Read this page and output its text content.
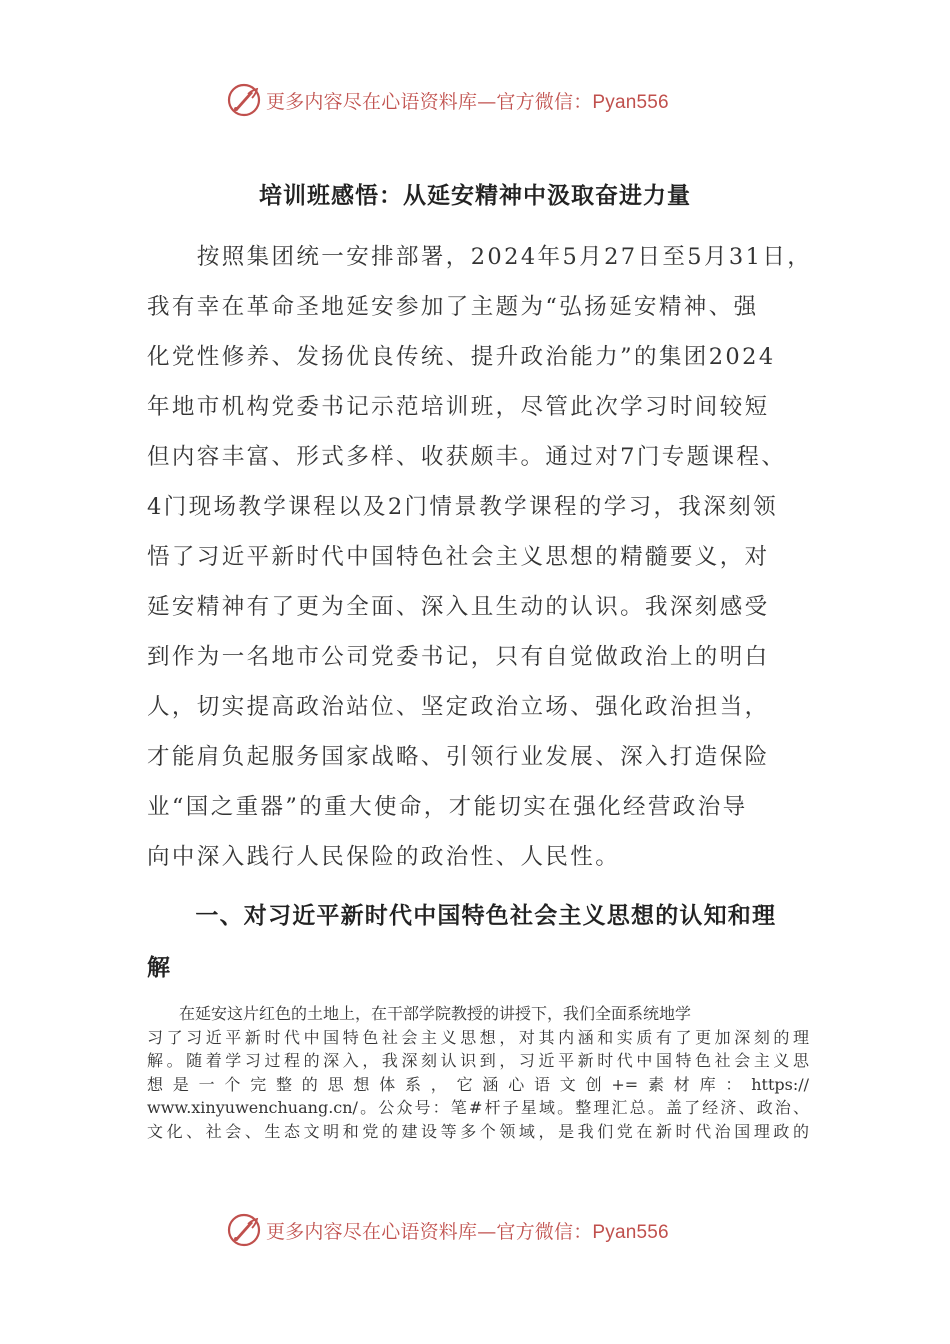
更多内容尽在心语资料库—官方微信：Pyan556
培训班感悟：从延安精神中汲取奋进力量
　　按照集团统一安排部署，2024年5月27日至5月31日，
我有幸在革命圣地延安参加了主题为“弘扬延安精神、强
化党性修养、发扬优良传统、提升政治能力”的集团2024
年地市机构党委书记示范培训班，尽管此次学习时间较短
但内容丰富、形式多样、收获颇丰。通过对7门专题课程、
4门现场教学课程以及2门情景教学课程的学习，我深刻领
悟了习近平新时代中国特色社会主义思想的精髓要义，对
延安精神有了更为全面、深入且生动的认识。我深刻感受
到作为一名地市公司党委书记，只有自觉做政治上的明白
人，切实提高政治站位、坚定政治立场、强化政治担当，
才能肩负起服务国家战略、引领行业发展、深入打造保险
业“国之重器”的重大使命，才能切实在强化经营政治导
向中深入践行人民保险的政治性、人民性。
　　一、对习近平新时代中国特色社会主义思想的认知和理
解
　　在延安这片红色的土地上，在干部学院教授的讲授下，我们全面系统地学
习了习近平新时代中国特色社会主义思想，对其内涵和实质有了更加深刻的理
解。随着学习过程的深入，我深刻认识到，习近平新时代中国特色社会主义思
想是一个完整的思想体系，它涵心语文创+=素材库：https://
www.xinyuwenchuang.cn/。公众号：笔#杆子星域。整理汇总。盖了经济、政治、
文化、社会、生态文明和党的建设等多个领域，是我们党在新时代治国理政的
更多内容尽在心语资料库—官方微信：Pyan556
